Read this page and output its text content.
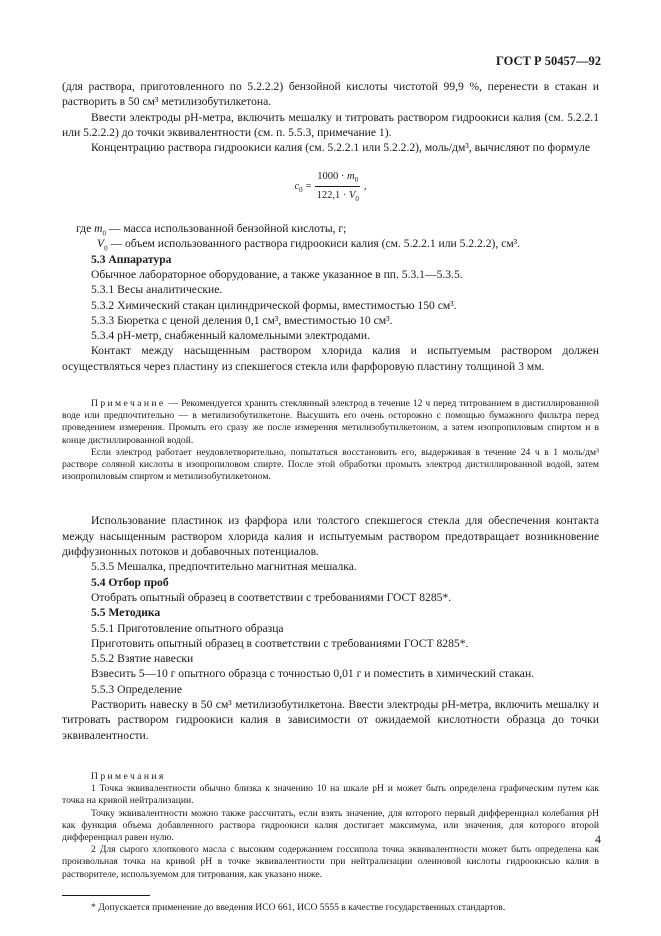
ГОСТ Р 50457—92

(для раствора, приготовленного по 5.2.2.2) бензойной кислоты чистотой 99,9 %, перенести в стакан и растворить в 50 см³ метилизобутилкетона.

Ввести электроды pH-метра, включить мешалку и титровать раствором гидроокиси калия (см. 5.2.2.1 или 5.2.2.2) до точки эквивалентности (см. п. 5.5.3, примечание 1).

Концентрацию раствора гидроокиси калия (см. 5.2.2.1 или 5.2.2.2), моль/дм³, вычисляют по формуле

$c_0 = \frac{1000 \cdot m_0}{122,1 \cdot V_0}$ ,

где $m_0$ — масса использованной бензойной кислоты, г;

$V_0$ — объем использованного раствора гидроокиси калия (см. 5.2.2.1 или 5.2.2.2), см³.

5.3 Аппаратура

Обычное лабораторное оборудование, а также указанное в пп. 5.3.1—5.3.5.

5.3.1 Весы аналитические.

5.3.2 Химический стакан цилиндрической формы, вместимостью 150 см³.

5.3.3 Бюретка с ценой деления 0,1 см³, вместимостью 10 см³.

5.3.4 pH-метр, снабженный каломельными электродами.

Контакт между насыщенным раствором хлорида калия и испытуемым раствором должен осуществляться через пластину из спекшегося стекла или фарфоровую пластину толщиной 3 мм.

Примечание — Рекомендуется хранить стеклянный электрод в течение 12 ч перед титрованием в дистиллированной воде или предпочтительно — в метилизобутилкетоне. Высушить его очень осторожно с помощью бумажного фильтра перед проведением измерения. Промыть его сразу же после измерения метилизобутилкетоном, а затем изопропиловым спиртом и в конце дистиллированной водой.

Если электрод работает неудовлетворительно, попытаться восстановить его, выдерживая в течение 24 ч в 1 моль/дм³ растворе соляной кислоты в изопропиловом спирте. После этой обработки промыть электрод дистиллированной водой, затем изопропиловым спиртом и метилизобутилкетоном.

Использование пластинок из фарфора или толстого спекшегося стекла для обеспечения контакта между насыщенным раствором хлорида калия и испытуемым раствором предотвращает возникновение диффузионных потоков и добавочных потенциалов.

5.3.5 Мешалка, предпочтительно магнитная мешалка.

5.4 Отбор проб

Отобрать опытный образец в соответствии с требованиями ГОСТ 8285*.

5.5 Методика

5.5.1 Приготовление опытного образца

Приготовить опытный образец в соответствии с требованиями ГОСТ 8285*.

5.5.2 Взятие навески

Взвесить 5—10 г опытного образца с точностью 0,01 г и поместить в химический стакан.

5.5.3 Определение

Растворить навеску в 50 см³ метилизобутилкетона. Ввести электроды pH-метра, включить мешалку и титровать раствором гидроокиси калия в зависимости от ожидаемой кислотности образца до точки эквивалентности.

Примечания

1 Точка эквивалентности обычно близка к значению 10 на шкале pH и может быть определена графическим путем как точка на кривой нейтрализации.

Точку эквивалентности можно также рассчитать, если взять значение, для которого первый дифференциал колебания pH как функция объема добавленного раствора гидроокиси калия достигает максимума, или значения, для которого второй дифференциал равен нулю.

2 Для сырого хлопкового масла с высоким содержанием госсипола точка эквивалентности может быть определена как произвольная точка на кривой pH в точке эквивалентности при нейтрализации олеиновой кислоты гидроокисью калия в растворителе, используемом для титрования, как указано ниже.

* Допускается применение до введения ИСО 661, ИСО 5555 в качестве государственных стандартов.

4
